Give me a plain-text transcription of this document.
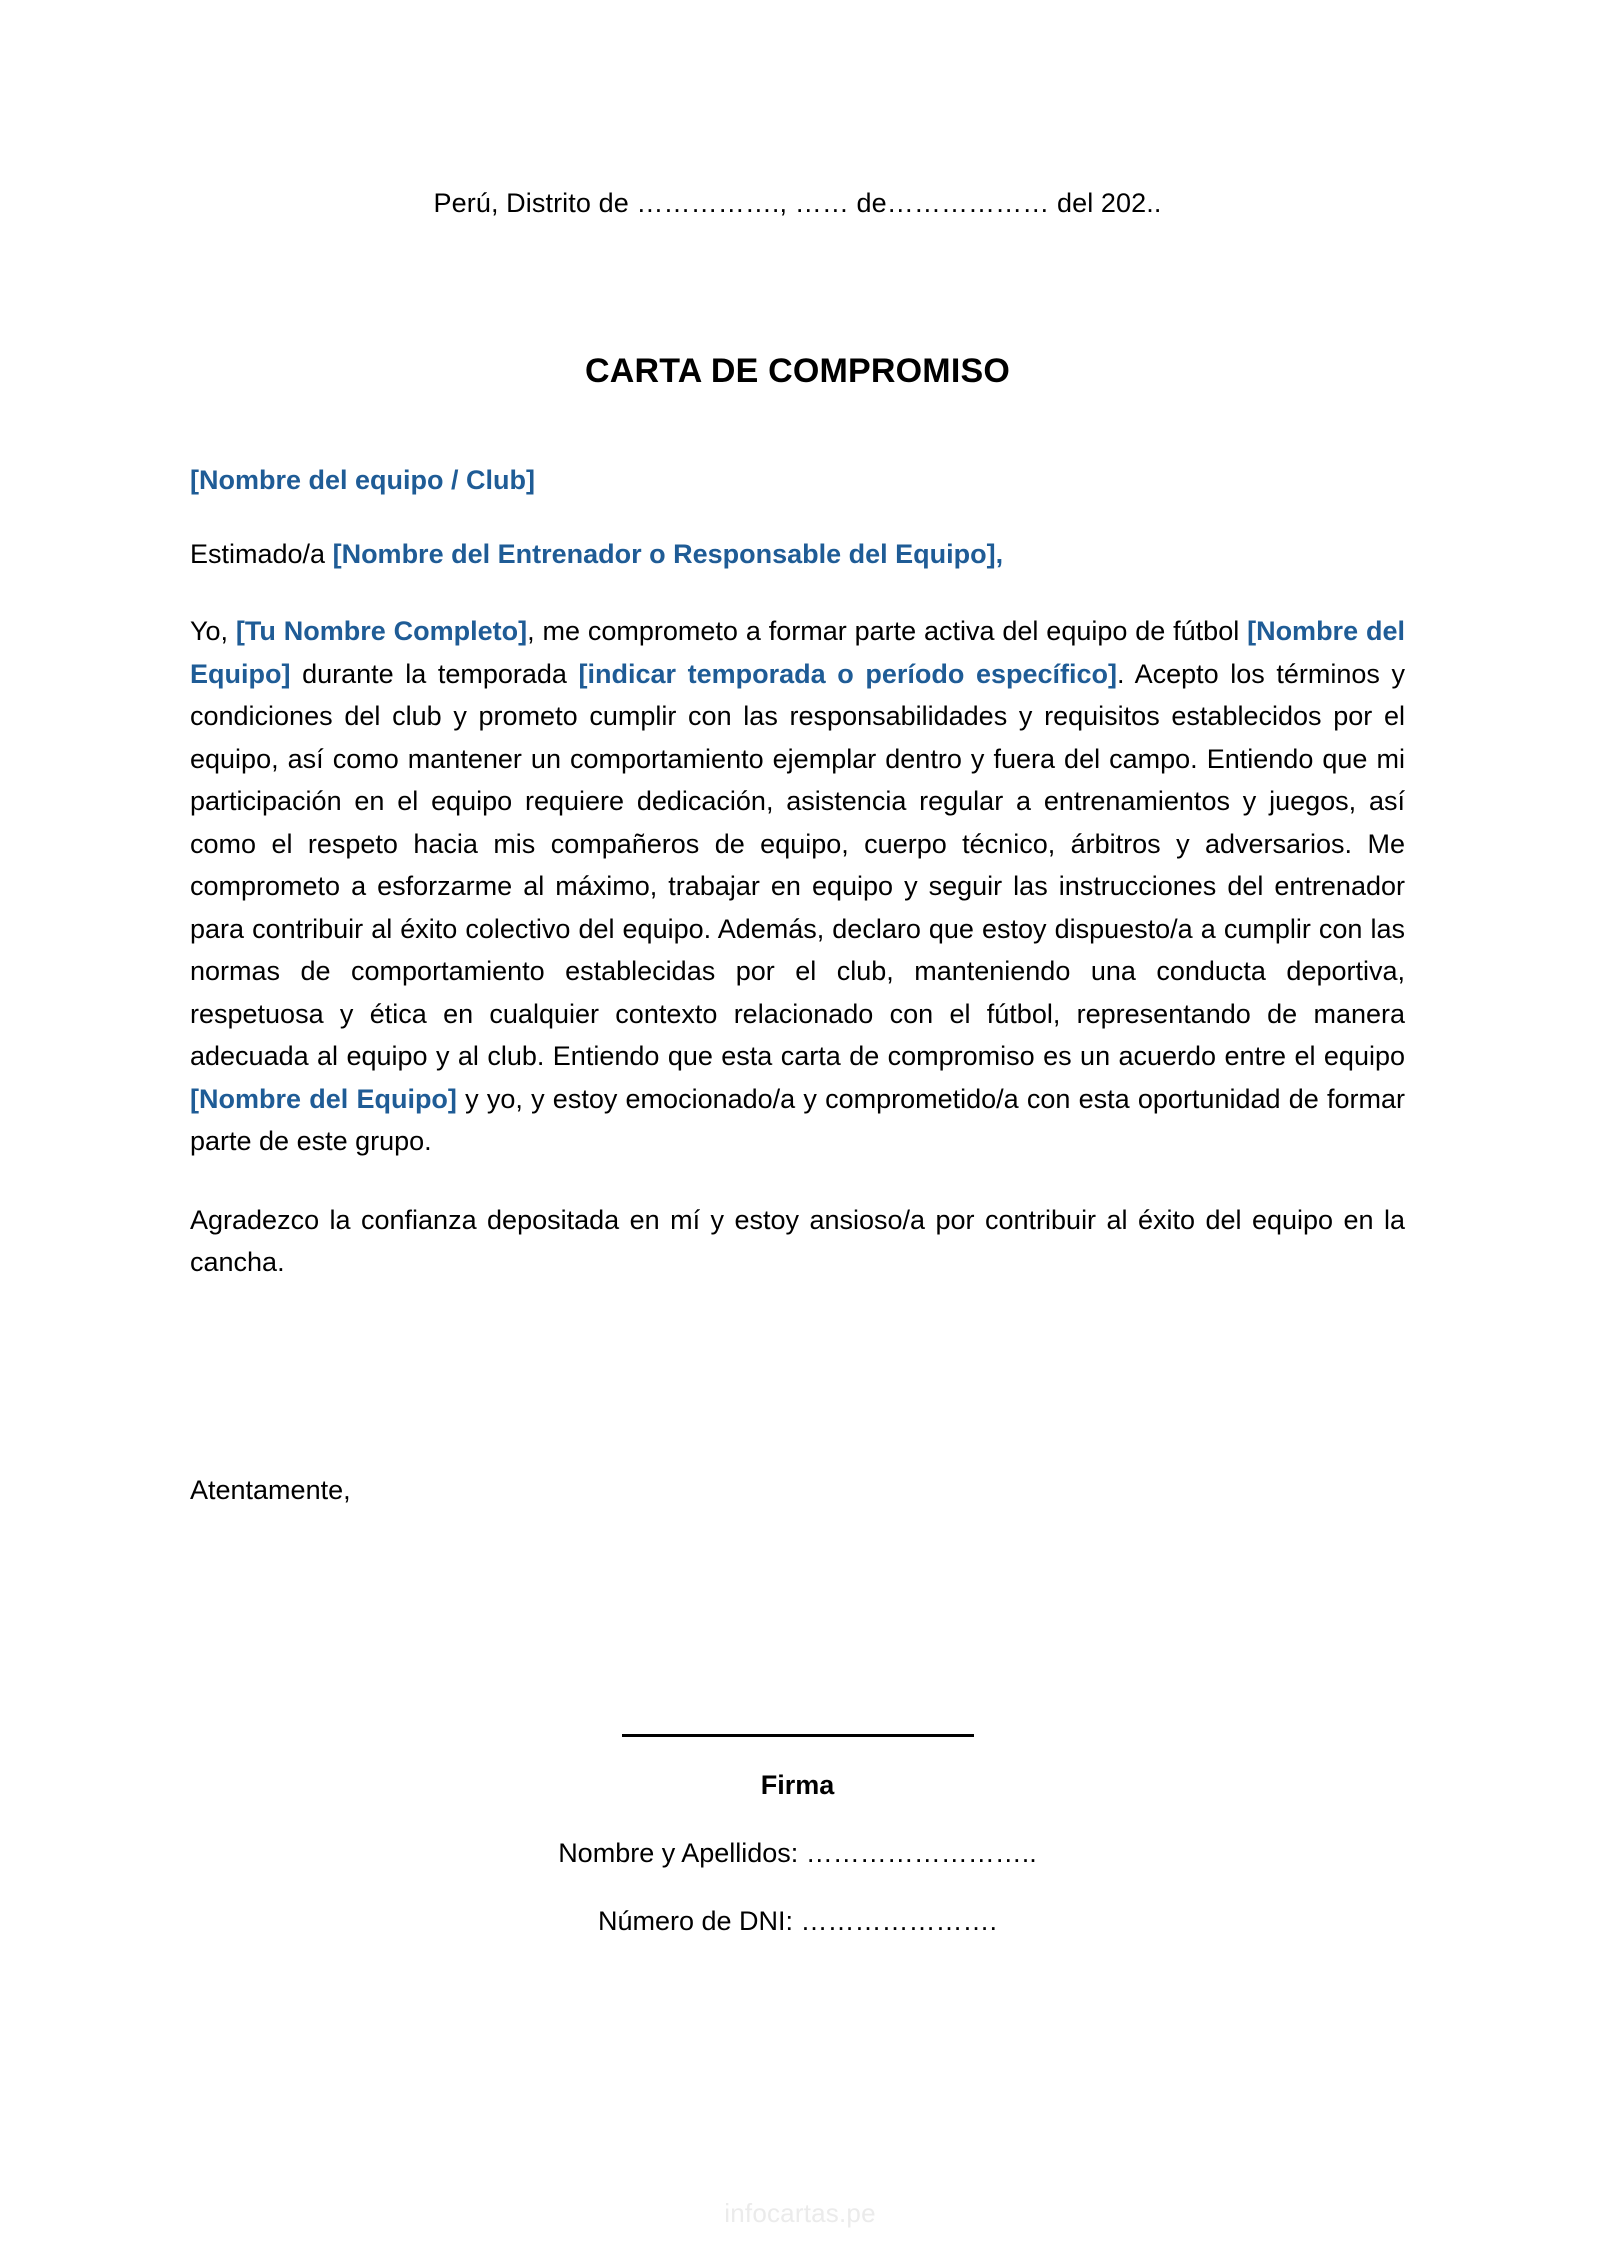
Perú, Distrito de ……………., …… de……………… del 202..
CARTA DE COMPROMISO

[Nombre del equipo / Club]

Estimado/a [Nombre del Entrenador o Responsable del Equipo],

Yo, [Tu Nombre Completo], me comprometo a formar parte activa del equipo de fútbol [Nombre del Equipo] durante la temporada [indicar temporada o período específico]. Acepto los términos y condiciones del club y prometo cumplir con las responsabilidades y requisitos establecidos por el equipo, así como mantener un comportamiento ejemplar dentro y fuera del campo. Entiendo que mi participación en el equipo requiere dedicación, asistencia regular a entrenamientos y juegos, así como el respeto hacia mis compañeros de equipo, cuerpo técnico, árbitros y adversarios. Me comprometo a esforzarme al máximo, trabajar en equipo y seguir las instrucciones del entrenador para contribuir al éxito colectivo del equipo. Además, declaro que estoy dispuesto/a a cumplir con las normas de comportamiento establecidas por el club, manteniendo una conducta deportiva, respetuosa y ética en cualquier contexto relacionado con el fútbol, representando de manera adecuada al equipo y al club. Entiendo que esta carta de compromiso es un acuerdo entre el equipo [Nombre del Equipo] y yo, y estoy emocionado/a y comprometido/a con esta oportunidad de formar parte de este grupo.

Agradezco la confianza depositada en mí y estoy ansioso/a por contribuir al éxito del equipo en la cancha.

Atentamente,
Firma
Nombre y Apellidos: ……………………..
Número de DNI: ………………….
infocartas.pe
